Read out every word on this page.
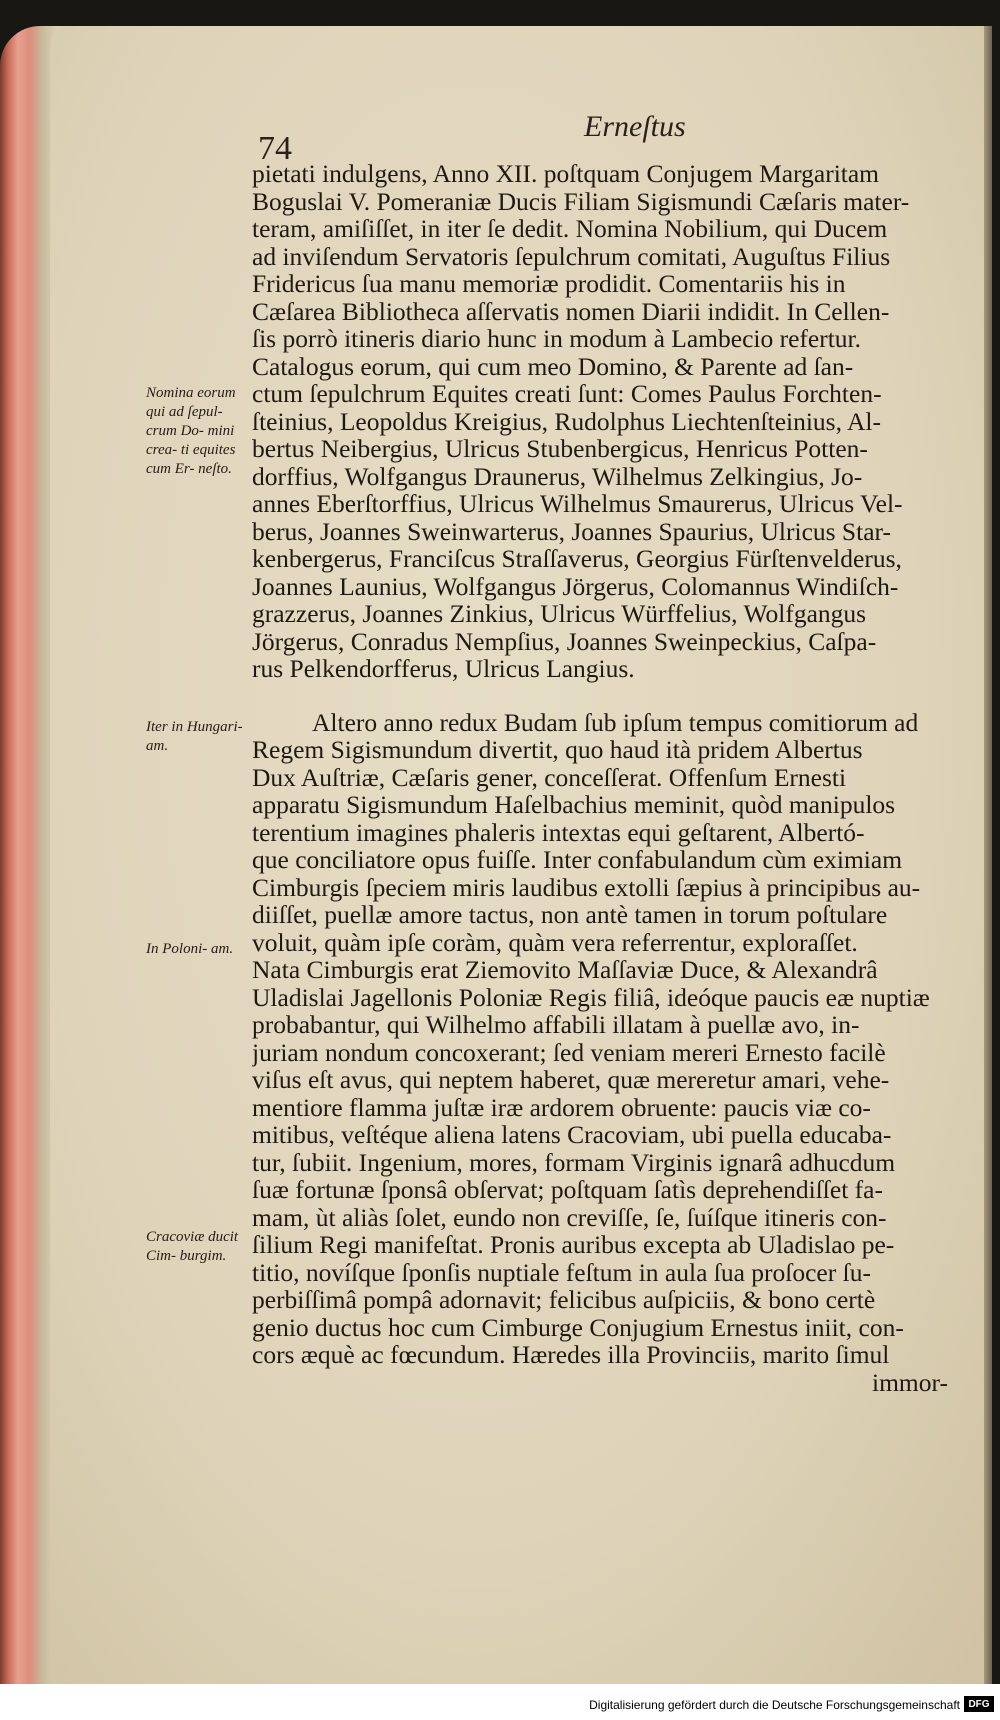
Erneſtus

74

Nomina eorum qui ad ſepul- crum Do- mini crea- ti equites cum Er- neſto.
Iter in Hungari- am.
In Poloni- am.
Cracoviæ ducit Cim- burgim.
pietati indulgens, Anno XII. poſtquam Conjugem Margaritam
Boguslai V. Pomeraniæ Ducis Filiam Sigismundi Cæſaris mater-
teram, amiſiſſet, in iter ſe dedit. Nomina Nobilium, qui Ducem
ad inviſendum Servatoris ſepulchrum comitati, Auguſtus Filius
Fridericus ſua manu memoriæ prodidit. Comentariis his in
Cæſarea Bibliotheca aſſervatis nomen Diarii indidit. In Cellen-
ſis porrò itineris diario hunc in modum à Lambecio refertur.
Catalogus eorum, qui cum meo Domino, & Parente ad ſan-
ctum ſepulchrum Equites creati ſunt: Comes Paulus Forchten-
ſteinius, Leopoldus Kreigius, Rudolphus Liechtenſteinius, Al-
bertus Neibergius, Ulricus Stubenbergicus, Henricus Potten-
dorffius, Wolfgangus Draunerus, Wilhelmus Zelkingius, Jo-
annes Eberſtorffius, Ulricus Wilhelmus Smaurerus, Ulricus Vel-
berus, Joannes Sweinwarterus, Joannes Spaurius, Ulricus Star-
kenbergerus, Franciſcus Straſſaverus, Georgius Fürſtenvelderus,
Joannes Launius, Wolfgangus Jörgerus, Colomannus Windiſch-
grazzerus, Joannes Zinkius, Ulricus Würffelius, Wolfgangus
Jörgerus, Conradus Nempſius, Joannes Sweinpeckius, Caſpa-
rus Pelkendorfferus, Ulricus Langius.
Altero anno redux Budam ſub ipſum tempus comitiorum ad
Regem Sigismundum divertit, quo haud ità pridem Albertus
Dux Auſtriæ, Cæſaris gener, conceſſerat. Offenſum Ernesti
apparatu Sigismundum Haſelbachius meminit, quòd manipulos
terentium imagines phaleris intextas equi geſtarent, Albertó-
que conciliatore opus fuiſſe. Inter confabulandum cùm eximiam
Cimburgis ſpeciem miris laudibus extolli ſæpius à principibus au-
diiſſet, puellæ amore tactus, non antè tamen in torum poſtulare
voluit, quàm ipſe coràm, quàm vera referrentur, exploraſſet.
Nata Cimburgis erat Ziemovito Maſſaviæ Duce, & Alexandrâ
Uladislai Jagellonis Poloniæ Regis filiâ, ideóque paucis eæ nuptiæ
probabantur, qui Wilhelmo affabili illatam à puellæ avo, in-
juriam nondum concoxerant; ſed veniam mereri Ernesto facilè
viſus eſt avus, qui neptem haberet, quæ mereretur amari, vehe-
mentiore flamma juſtæ iræ ardorem obruente: paucis viæ co-
mitibus, veſtéque aliena latens Cracoviam, ubi puella educaba-
tur, ſubiit. Ingenium, mores, formam Virginis ignarâ adhucdum
ſuæ fortunæ ſponsâ obſervat; poſtquam ſatìs deprehendiſſet fa-
mam, ùt aliàs ſolet, eundo non creviſſe, ſe, ſuíſque itineris con-
ſilium Regi manifeſtat. Pronis auribus excepta ab Uladislao pe-
titio, novíſque ſponſis nuptiale feſtum in aula ſua proſocer ſu-
perbiſſimâ pompâ adornavit; felicibus auſpiciis, & bono certè
genio ductus hoc cum Cimburge Conjugium Ernestus iniit, con-
cors æquè ac fœcundum. Hæredes illa Provinciis, marito ſimul
immor-

Digitalisierung gefördert durch die Deutsche Forschungsgemeinschaft DFG
